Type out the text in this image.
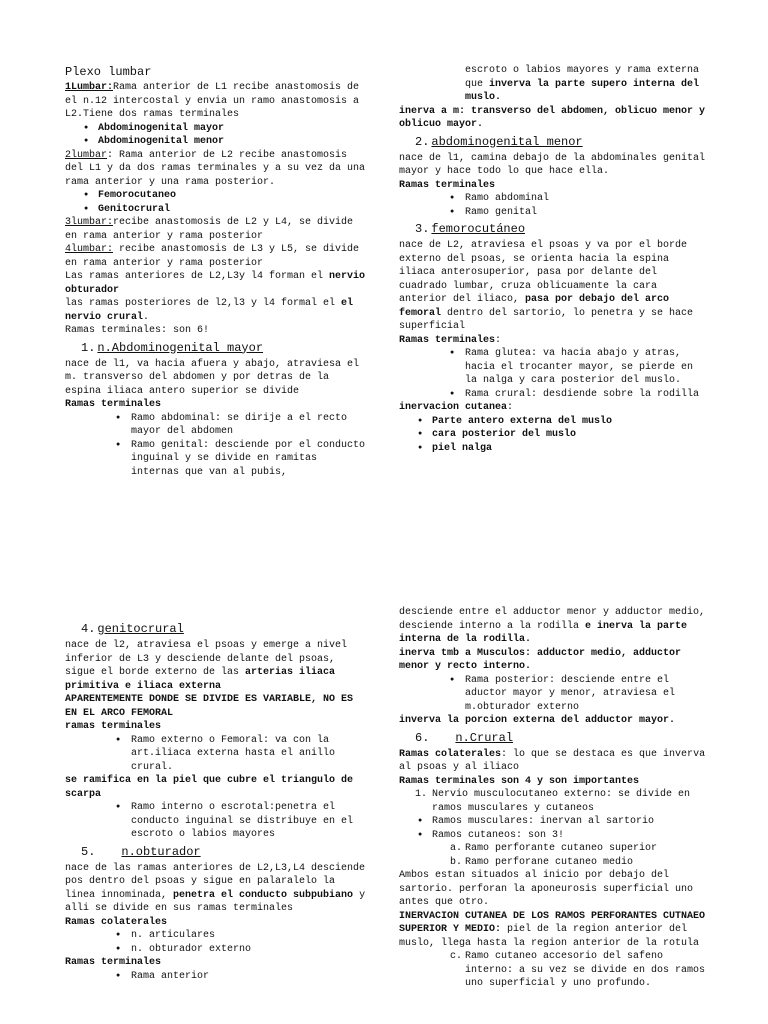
Plexo lumbar

1Lumbar:Rama anterior de L1 recibe anastomosis de el n.12 intercostal y envia un ramo anastomosis a L2.Tiene dos ramas terminales

● Abdominogenital mayor
● Abdominogenital menor

2lumbar: Rama anterior de L2 recibe anastomosis del L1 y da dos ramas terminales y a su vez da una rama anterior y una rama posterior.

● Femorocutaneo
● Genitocrural

3lumbar:recibe anastomosis de L2 y L4, se divide en rama anterior y rama posterior

4lumbar: recibe anastomosis de L3 y L5, se divide en rama anterior y rama posterior

Las ramas anteriores de L2,L3y l4 forman el nervio obturador

las ramas posteriores de l2,l3 y l4 formal el el nervio crural.

Ramas terminales: son 6!

1. n.Abdominogenital mayor

nace de l1, va hacia afuera y abajo, atraviesa el m. transverso del abdomen y por detras de la espina iliaca antero superior se divide

Ramas terminales

● Ramo abdominal: se dirije a el recto mayor del abdomen
● Ramo genital: desciende por el conducto inguinal y se divide en ramitas internas que van al pubis,

escroto o labios mayores y rama externa que inverva la parte supero interna del muslo.

inerva a m: transverso del abdomen, oblicuo menor y oblicuo mayor.

2. abdominogenital menor

nace de l1, camina debajo de la abdominales genital mayor y hace todo lo que hace ella.

Ramas terminales

● Ramo abdominal
● Ramo genital
3. femorocutáneo

nace de L2, atraviesa el psoas y va por el borde externo del psoas, se orienta hacia la espina iliaca anterosuperior, pasa por delante del cuadrado lumbar, cruza oblicuamente la cara anterior del iliaco, pasa por debajo del arco femoral dentro del sartorio, lo penetra y se hace superficial

Ramas terminales:

● Rama glutea: va hacia abajo y atras, hacia el trocanter mayor, se pierde en la nalga y cara posterior del muslo.
● Rama crural: desdiende sobre la rodilla

inervacion cutanea:

● Parte antero externa del muslo
● cara posterior del muslo
● piel nalga
4. genitocrural

nace de l2, atraviesa el psoas y emerge a nivel inferior de L3 y desciende delante del psoas, sigue el borde externo de las arterias iliaca primitiva e iliaca externa

APARENTEMENTE DONDE SE DIVIDE ES VARIABLE, NO ES EN EL ARCO FEMORAL

ramas terminales

● Ramo externo o Femoral: va con la art.iliaca externa hasta el anillo crural.

se ramifica en la piel que cubre el triangulo de scarpa

● Ramo interno o escrotal:penetra el conducto inguinal se distribuye en el escroto o labios mayores
5. n.obturador

nace de las ramas anteriores de L2,L3,L4 desciende pos dentro del psoas y sigue en palaralelo la linea innominada, penetra el conducto subpubiano y alli se divide en sus ramas terminales

Ramas colaterales

● n. articulares
● n. obturador externo

Ramas terminales

● Rama anterior

desciende entre el adductor menor y adductor medio, desciende interno a la rodilla e inerva la parte interna de la rodilla.

inerva tmb a Musculos: adductor medio, adductor menor y recto interno.

● Rama posterior: desciende entre el aductor mayor y menor, atraviesa el m.obturador externo

inverva la porcion externa del adductor mayor.

6. n.Crural

Ramas colaterales: lo que se destaca es que inverva al psoas y al iliaco

Ramas terminales son 4 y son importantes

1. Nervio musculocutaneo externo: se divide en ramos musculares y cutaneos
● Ramos musculares: inervan al sartorio
● Ramos cutaneos: son 3!
a. Ramo perforante cutaneo superior
b. Ramo perforane cutaneo medio

Ambos estan situados al inicio por debajo del sartorio. perforan la aponeurosis superficial uno antes que otro.

INERVACION CUTANEA DE LOS RAMOS PERFORANTES CUTNAEO SUPERIOR Y MEDIO: piel de la region anterior del muslo, llega hasta la region anterior de la rotula

c. Ramo cutaneo accesorio del safeno interno: a su vez se divide en dos ramos uno superficial y uno profundo.
